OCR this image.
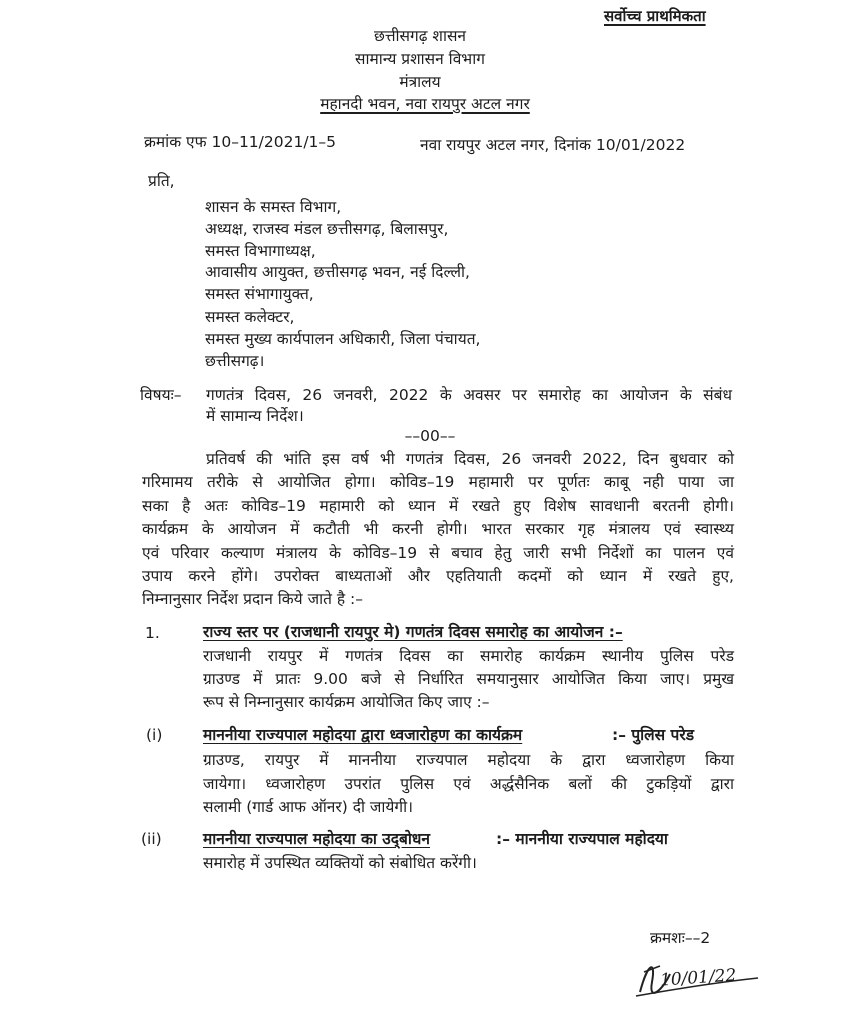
सर्वोच्च प्राथमिकता
छत्तीसगढ़ शासन
सामान्य प्रशासन विभाग
मंत्रालय
महानदी भवन, नवा रायपुर अटल नगर
क्रमांक एफ 10–11/2021/1–5	नवा रायपुर अटल नगर, दिनांक 10/01/2022
प्रति,
शासन के समस्त विभाग,
अध्यक्ष, राजस्व मंडल छत्तीसगढ़, बिलासपुर,
समस्त विभागाध्यक्ष,
आवासीय आयुक्त, छत्तीसगढ़ भवन, नई दिल्ली,
समस्त संभागायुक्त,
समस्त कलेक्टर,
समस्त मुख्य कार्यपालन अधिकारी, जिला पंचायत,
छत्तीसगढ़।
विषयः– गणतंत्र दिवस, 26 जनवरी, 2022 के अवसर पर समारोह का आयोजन के संबंध
में सामान्य निर्देश।
––00––
प्रतिवर्ष की भांति इस वर्ष भी गणतंत्र दिवस, 26 जनवरी 2022, दिन बुधवार को
गरिमामय तरीके से आयोजित होगा। कोविड–19 महामारी पर पूर्णतः काबू नही पाया जा
सका है अतः कोविड–19 महामारी को ध्यान में रखते हुए विशेष सावधानी बरतनी होगी।
कार्यक्रम के आयोजन में कटौती भी करनी होगी। भारत सरकार गृह मंत्रालय एवं स्वास्थ्य
एवं परिवार कल्याण मंत्रालय के कोविड–19 से बचाव हेतु जारी सभी निर्देशों का पालन एवं
उपाय करने होंगे। उपरोक्त बाध्यताओं और एहतियाती कदमों को ध्यान में रखते हुए,
निम्नानुसार निर्देश प्रदान किये जाते है :–
1.	राज्य स्तर पर (राजधानी रायपुर मे) गणतंत्र दिवस समारोह का आयोजन :–
राजधानी रायपुर में गणतंत्र दिवस का समारोह कार्यक्रम स्थानीय पुलिस परेड
ग्राउण्ड में प्रातः 9.00 बजे से निर्धारित समयानुसार आयोजित किया जाए। प्रमुख
रूप से निम्नानुसार कार्यक्रम आयोजित किए जाए :–
(i)	माननीया राज्यपाल महोदया द्वारा ध्वजारोहण का कार्यक्रम	:– पुलिस परेड
ग्राउण्ड, रायपुर में माननीया राज्यपाल महोदया के द्वारा ध्वजारोहण किया
जायेगा। ध्वजारोहण उपरांत पुलिस एवं अर्द्धसैनिक बलों की टुकड़ियों द्वारा
सलामी (गार्ड आफ ऑनर) दी जायेगी।
(ii)	माननीया राज्यपाल महोदया का उद्‌बोधन	:– माननीया राज्यपाल महोदया
समारोह में उपस्थित व्यक्तियों को संबोधित करेंगी।
क्रमशः––2
10/01/22
